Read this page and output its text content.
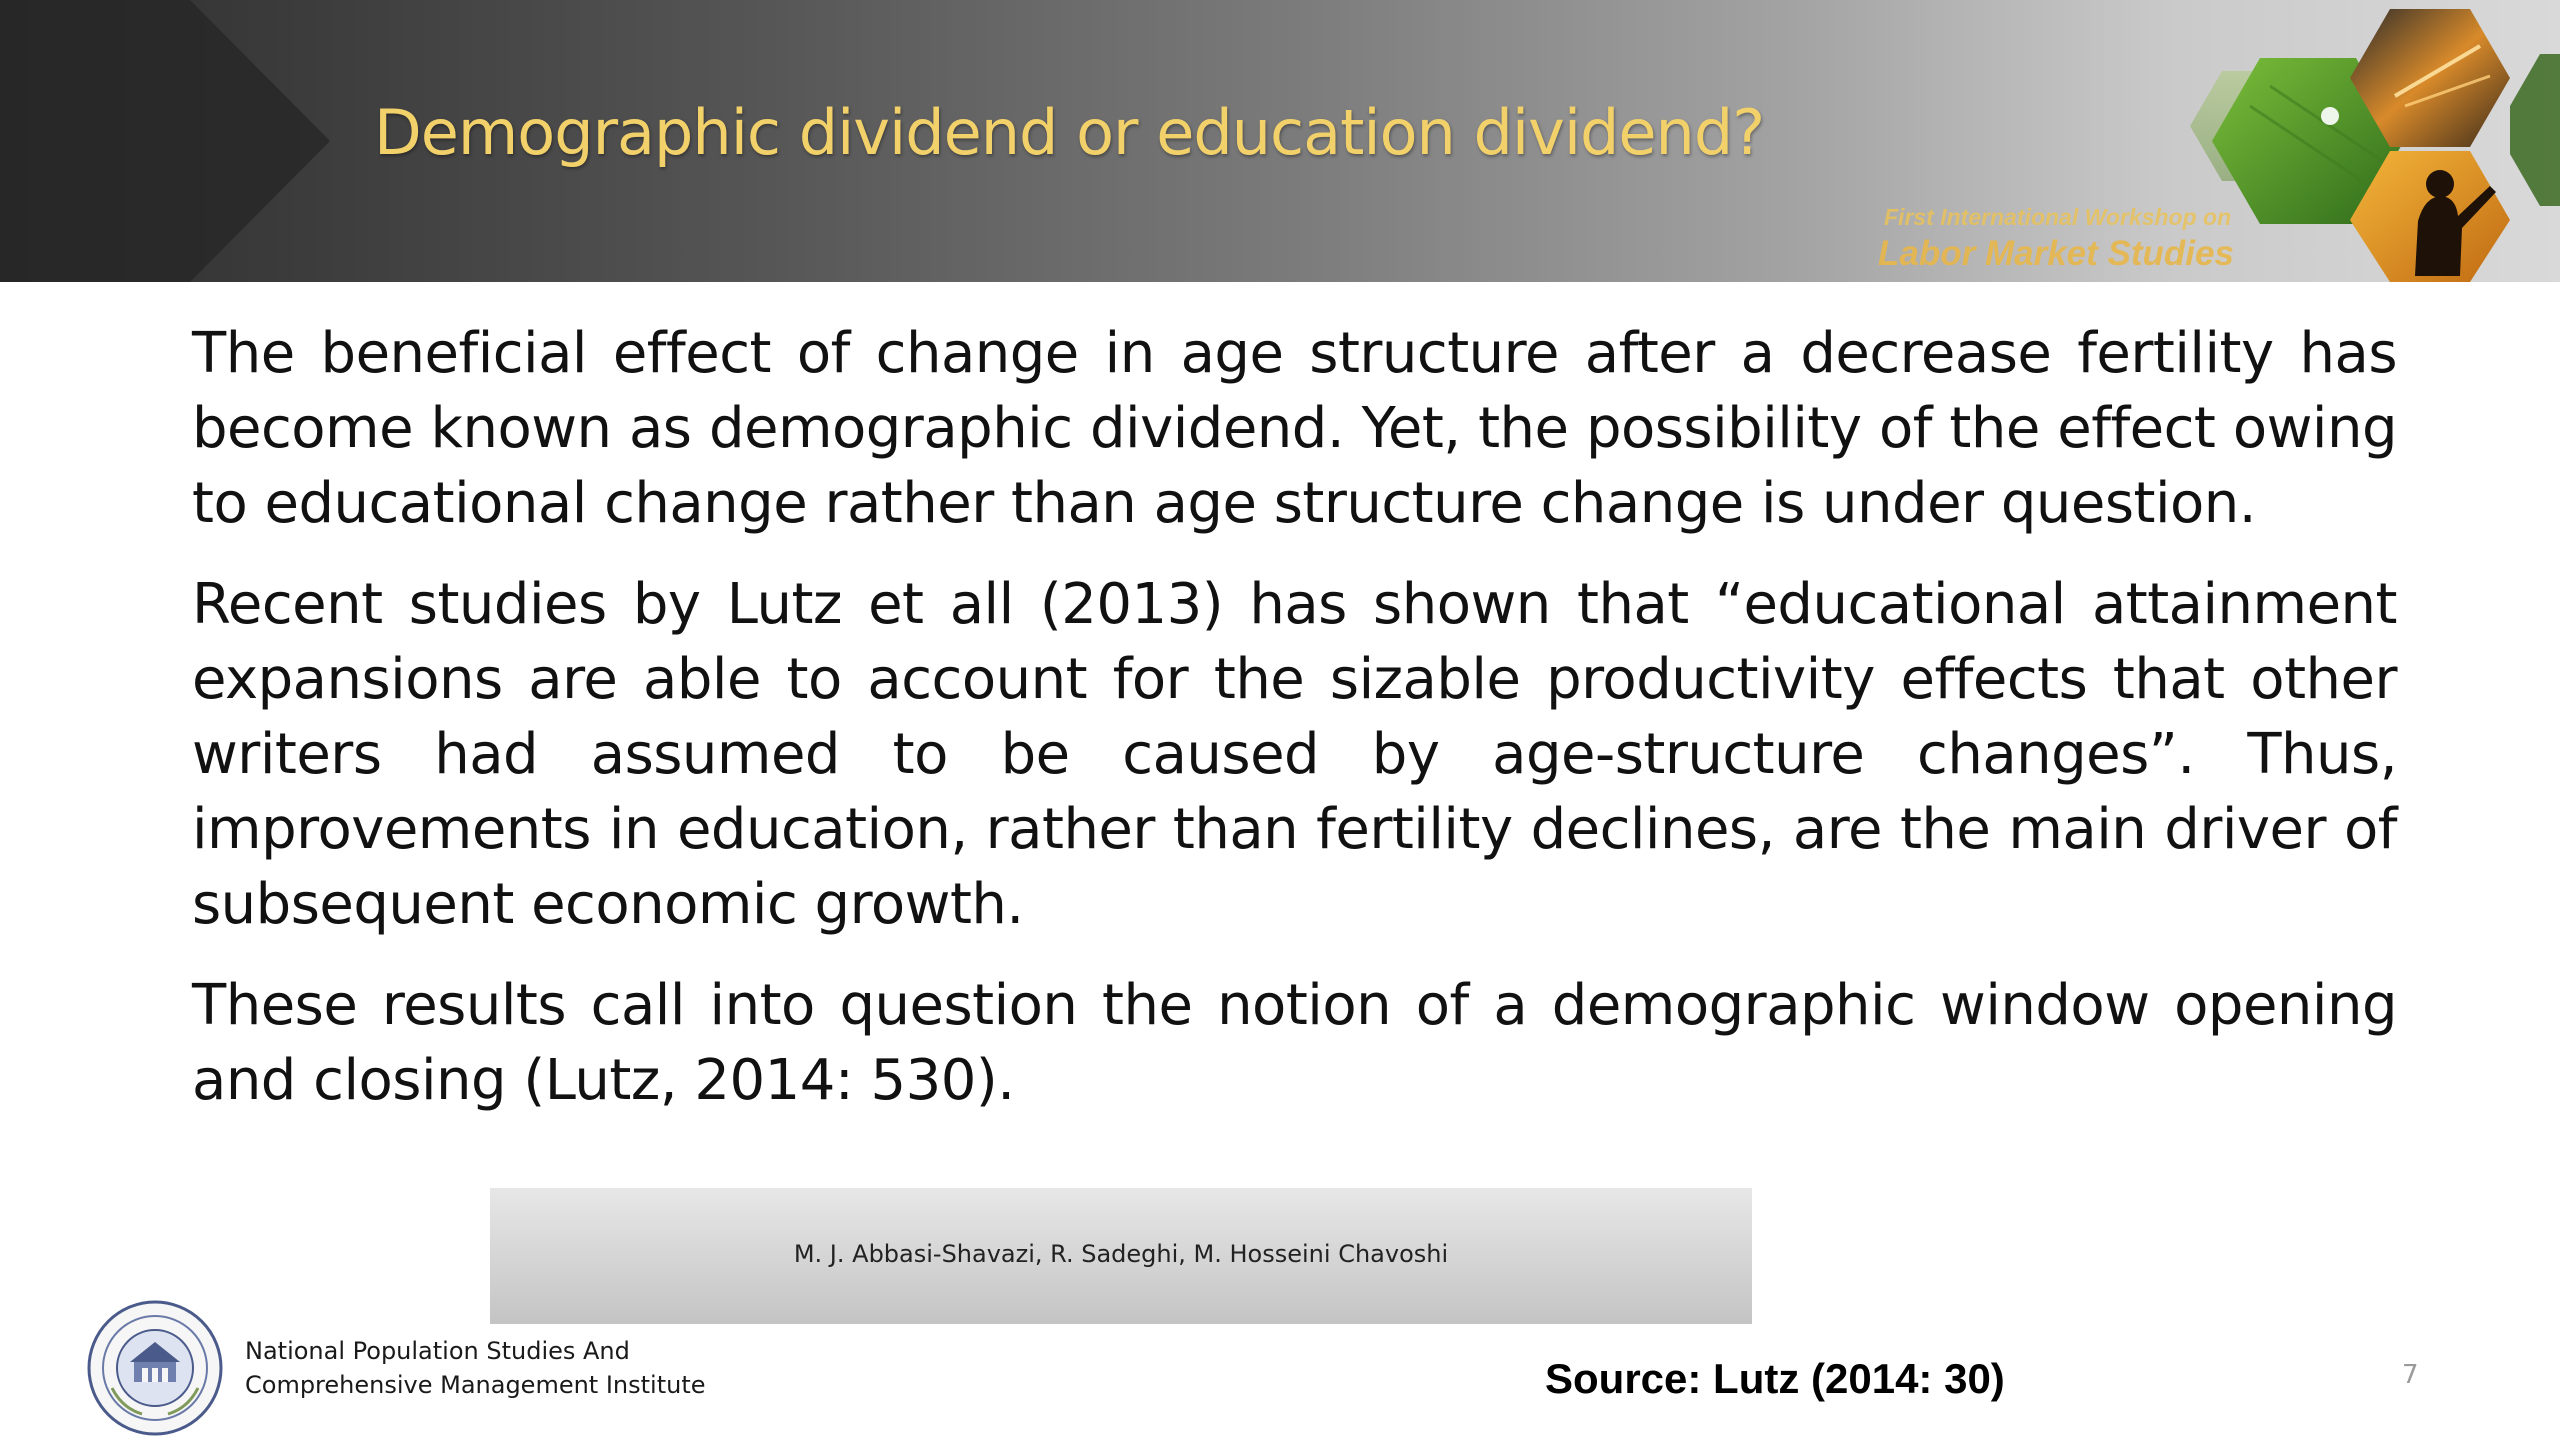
Demographic dividend or education dividend?
First International Workshop on
Labor Market Studies

The beneficial effect of change in age structure after a decrease fertility has become known as demographic dividend. Yet, the possibility of the effect owing to educational change rather than age structure change is under question.

Recent studies by Lutz et all (2013) has shown that “educational attainment expansions are able to account for the sizable productivity effects that other writers had assumed to be caused by age-structure changes”. Thus, improvements in education, rather than fertility declines, are the main driver of subsequent economic growth.

These results call into question the notion of a demographic window opening and closing (Lutz, 2014: 530).

M. J. Abbasi-Shavazi, R. Sadeghi, M. Hosseini Chavoshi
National Population Studies And
Comprehensive Management Institute	Source: Lutz (2014: 30)	7
